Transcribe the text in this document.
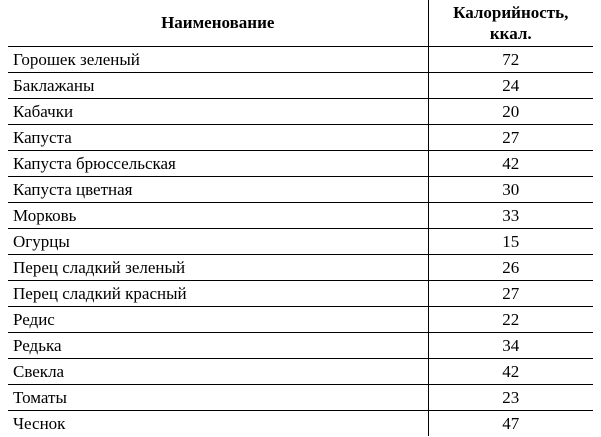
Наименование	Калорийность,
ккал.
Горошек зеленый	72
Баклажаны	24
Кабачки	20
Капуста	27
Капуста брюссельская	42
Капуста цветная	30
Морковь	33
Огурцы	15
Перец сладкий зеленый	26
Перец сладкий красный	27
Редис	22
Редька	34
Свекла	42
Томаты	23
Чеснок	47
